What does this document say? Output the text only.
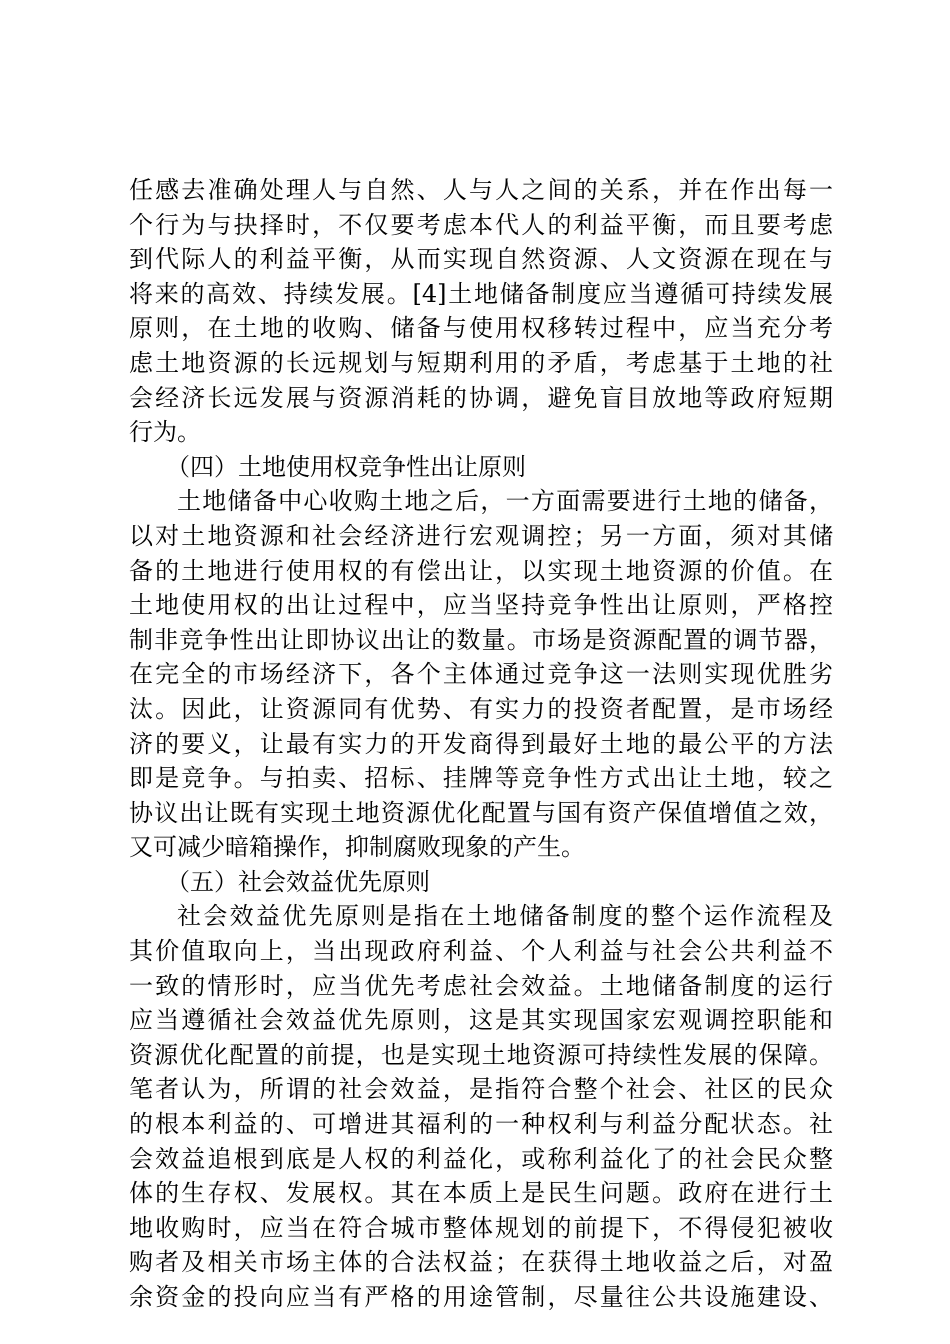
任感去准确处理人与自然、人与人之间的关系，并在作出每一
个行为与抉择时，不仅要考虑本代人的利益平衡，而且要考虑
到代际人的利益平衡，从而实现自然资源、人文资源在现在与
将来的高效、持续发展。[4]土地储备制度应当遵循可持续发展
原则，在土地的收购、储备与使用权移转过程中，应当充分考
虑土地资源的长远规划与短期利用的矛盾，考虑基于土地的社
会经济长远发展与资源消耗的协调，避免盲目放地等政府短期
行为。
（四）土地使用权竞争性出让原则
土地储备中心收购土地之后，一方面需要进行土地的储备，
以对土地资源和社会经济进行宏观调控；另一方面，须对其储
备的土地进行使用权的有偿出让，以实现土地资源的价值。在
土地使用权的出让过程中，应当坚持竞争性出让原则，严格控
制非竞争性出让即协议出让的数量。市场是资源配置的调节器，
在完全的市场经济下，各个主体通过竞争这一法则实现优胜劣
汰。因此，让资源同有优势、有实力的投资者配置，是市场经
济的要义，让最有实力的开发商得到最好土地的最公平的方法
即是竞争。与拍卖、招标、挂牌等竞争性方式出让土地，较之
协议出让既有实现土地资源优化配置与国有资产保值增值之效，
又可减少暗箱操作，抑制腐败现象的产生。
（五）社会效益优先原则
社会效益优先原则是指在土地储备制度的整个运作流程及
其价值取向上，当出现政府利益、个人利益与社会公共利益不
一致的情形时，应当优先考虑社会效益。土地储备制度的运行
应当遵循社会效益优先原则，这是其实现国家宏观调控职能和
资源优化配置的前提，也是实现土地资源可持续性发展的保障。
笔者认为，所谓的社会效益，是指符合整个社会、社区的民众
的根本利益的、可增进其福利的一种权利与利益分配状态。社
会效益追根到底是人权的利益化，或称利益化了的社会民众整
体的生存权、发展权。其在本质上是民生问题。政府在进行土
地收购时，应当在符合城市整体规划的前提下，不得侵犯被收
购者及相关市场主体的合法权益；在获得土地收益之后，对盈
余资金的投向应当有严格的用途管制，尽量往公共设施建设、
